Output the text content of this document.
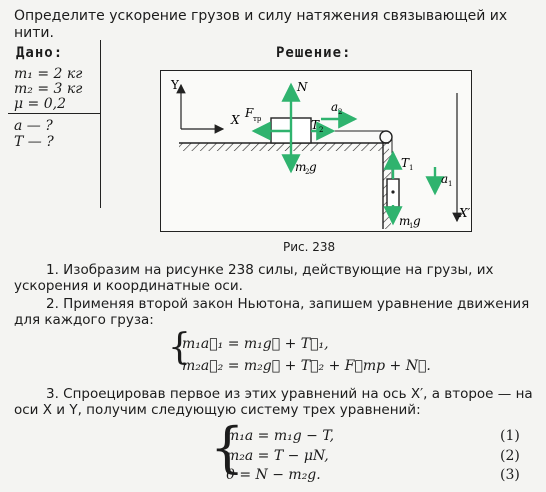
Определите ускорение грузов и силу натяжения связывающей их нити.
Дано:
m₁ = 2 кг
m₂ = 3 кг
μ = 0,2
a — ?
T — ?
Решение:
Y
X
X′
N
F тр	T 2
a 2
m
2 g	T 1
a 1
m
1 g
Рис. 238
1. Изобразим на рисунке 238 силы, действующие на грузы, их ускорения и координатные оси.
2. Применяя второй закон Ньютона, запишем уравнение движения для каждого груза:
{
m₁a⃗₁ = m₁g⃗ + T⃗₁,
m₂a⃗₂ = m₂g⃗ + T⃗₂ + F⃗тр + N⃗.
3. Спроецировав первое из этих уравнений на ось X′, а второе — на оси X и Y, получим следующую систему трех уравнений:
{
m₁a = m₁g − T,	(1)
m₂a = T − μN,	(2)
0 = N − m₂g.	(3)
